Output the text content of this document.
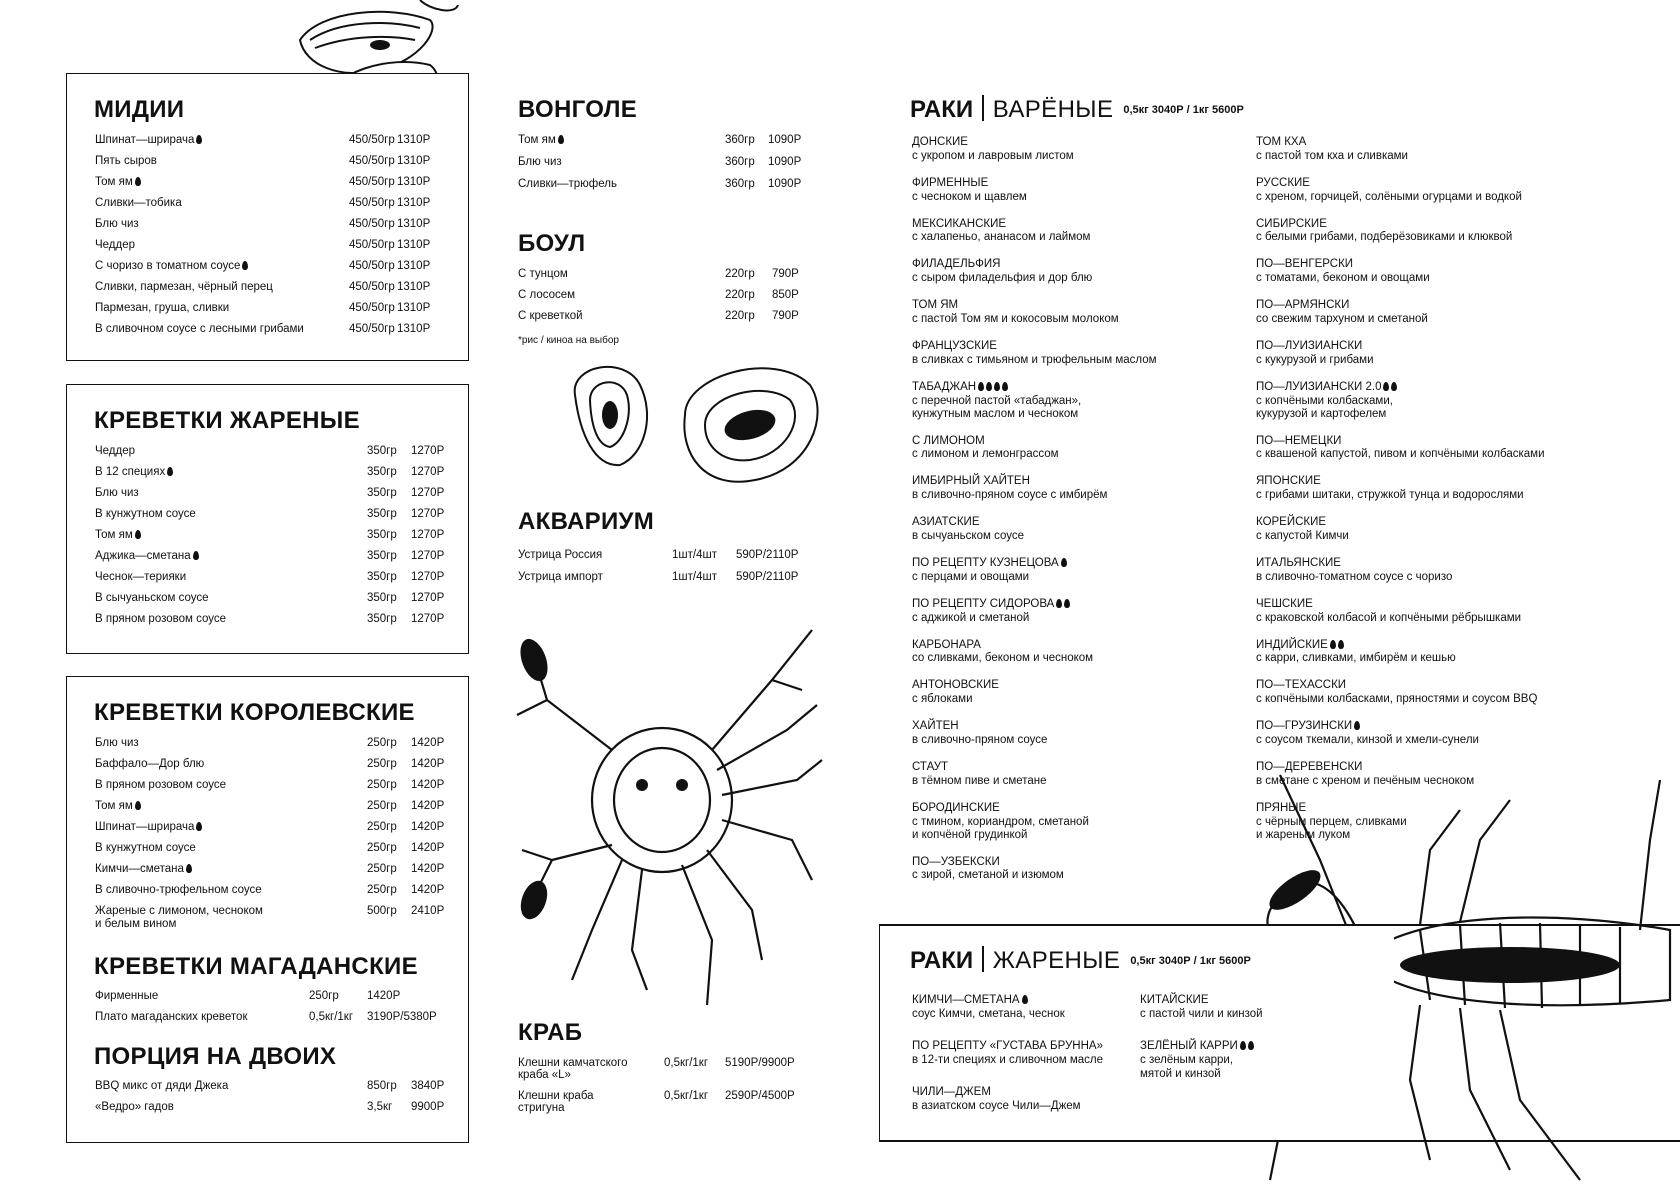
МИДИИ
Шпинат—шрирача	450/50гр 1310Р
Пять сыров	450/50гр 1310Р
Том ям	450/50гр 1310Р
Сливки—тобика	450/50гр 1310Р
Блю чиз	450/50гр 1310Р
Чеддер	450/50гр 1310Р
С чоризо в томатном соусе	450/50гр 1310Р
Сливки, пармезан, чёрный перец	450/50гр 1310Р
Пармезан, груша, сливки	450/50гр 1310Р
В сливочном соусе с лесными грибами	450/50гр 1310Р
КРЕВЕТКИ ЖАРЕНЫЕ
Чеддер	350гр 1270Р
В 12 специях	350гр 1270Р
Блю чиз	350гр 1270Р
В кунжутном соусе	350гр 1270Р
Том ям	350гр 1270Р
Аджика—сметана	350гр 1270Р
Чеснок—терияки	350гр 1270Р
В сычуаньском соусе	350гр 1270Р
В пряном розовом соусе	350гр 1270Р
КРЕВЕТКИ КОРОЛЕВСКИЕ
Блю чиз	250гр 1420Р
Баффало—Дор блю	250гр 1420Р
В пряном розовом соусе	250гр 1420Р
Том ям	250гр 1420Р
Шпинат—шрирача	250гр 1420Р
В кунжутном соусе	250гр 1420Р
Кимчи—сметана	250гр 1420Р
В сливочно-трюфельном соусе	250гр 1420Р
Жареные с лимоном, чесноком
и белым вином
500гр 2410Р
КРЕВЕТКИ МАГАДАНСКИЕ
Фирменные	250гр 1420Р
Плато магаданских креветок	0,5кг/1кг 3190Р/5380Р
ПОРЦИЯ НА ДВОИХ
BBQ микс от дяди Джека	850гр 3840Р
«Ведро» гадов	3,5кг 9900Р
ВОНГОЛЕ
Том ям	360гр 1090Р
Блю чиз	360гр 1090Р
Сливки—трюфель	360гр 1090Р
БОУЛ
С тунцом	220гр 790Р
С лососем	220гр 850Р
С креветкой	220гр 790Р
*рис / киноа на выбор
АКВАРИУМ
Устрица Россия	1шт/4шт 590Р/2110Р
Устрица импорт	1шт/4шт 590Р/2110Р
КРАБ
Клешни камчатского
краба «L»
0,5кг/1кг 5190Р/9900Р
Клешни краба
стригуна
0,5кг/1кг 2590Р/4500Р
РАКИ ВАРЁНЫЕ 0,5кг 3040Р / 1кг 5600Р
ДОНСКИЕ
с укропом и лавровым листом
ФИРМЕННЫЕ
с чесноком и щавлем
МЕКСИКАНСКИЕ
с халапеньо, ананасом и лаймом
ФИЛАДЕЛЬФИЯ
с сыром филадельфия и дор блю
ТОМ ЯМ
с пастой Том ям и кокосовым молоком
ФРАНЦУЗСКИЕ
в сливках с тимьяном и трюфельным маслом
ТАБАДЖАН
с перечной пастой «табаджан»,
кунжутным маслом и чесноком
С ЛИМОНОМ
с лимоном и лемонграссом
ИМБИРНЫЙ ХАЙТЕН
в сливочно-пряном соусе с имбирём
АЗИАТСКИЕ
в сычуаньском соусе
ПО РЕЦЕПТУ КУЗНЕЦОВА
с перцами и овощами
ПО РЕЦЕПТУ СИДОРОВА
с аджикой и сметаной
КАРБОНАРА
со сливками, беконом и чесноком
АНТОНОВСКИЕ
с яблоками
ХАЙТЕН
в сливочно-пряном соусе
СТАУТ
в тёмном пиве и сметане
БОРОДИНСКИЕ
с тмином, кориандром, сметаной
и копчёной грудинкой
ПО—УЗБЕКСКИ
с зирой, сметаной и изюмом
ТОМ КХА
с пастой том кха и сливками
РУССКИЕ
с хреном, горчицей, солёными огурцами и водкой
СИБИРСКИЕ
с белыми грибами, подберёзовиками и клюквой
ПО—ВЕНГЕРСКИ
с томатами, беконом и овощами
ПО—АРМЯНСКИ
со свежим тархуном и сметаной
ПО—ЛУИЗИАНСКИ
с кукурузой и грибами
ПО—ЛУИЗИАНСКИ 2.0
с копчёными колбасками,
кукурузой и картофелем
ПО—НЕМЕЦКИ
с квашеной капустой, пивом и копчёными колбасками
ЯПОНСКИЕ
с грибами шитаки, стружкой тунца и водорослями
КОРЕЙСКИЕ
с капустой Кимчи
ИТАЛЬЯНСКИЕ
в сливочно-томатном соусе с чоризо
ЧЕШСКИЕ
с краковской колбасой и копчёными рёбрышками
ИНДИЙСКИЕ
с карри, сливками, имбирём и кешью
ПО—ТЕХАССКИ
с копчёными колбасками, пряностями и соусом BBQ
ПО—ГРУЗИНСКИ
с соусом ткемали, кинзой и хмели-сунели
ПО—ДЕРЕВЕНСКИ
в сметане с хреном и печёным чесноком
ПРЯНЫЕ
с чёрным перцем, сливками
и жареным луком
РАКИ ЖАРЕНЫЕ 0,5кг 3040Р / 1кг 5600Р
КИМЧИ—СМЕТАНА
соус Кимчи, сметана, чеснок
ПО РЕЦЕПТУ «ГУСТАВА БРУННА»
в 12-ти специях и сливочном масле
ЧИЛИ—ДЖЕМ
в азиатском соусе Чили—Джем
КИТАЙСКИЕ
с пастой чили и кинзой
ЗЕЛЁНЫЙ КАРРИ
с зелёным карри,
мятой и кинзой
